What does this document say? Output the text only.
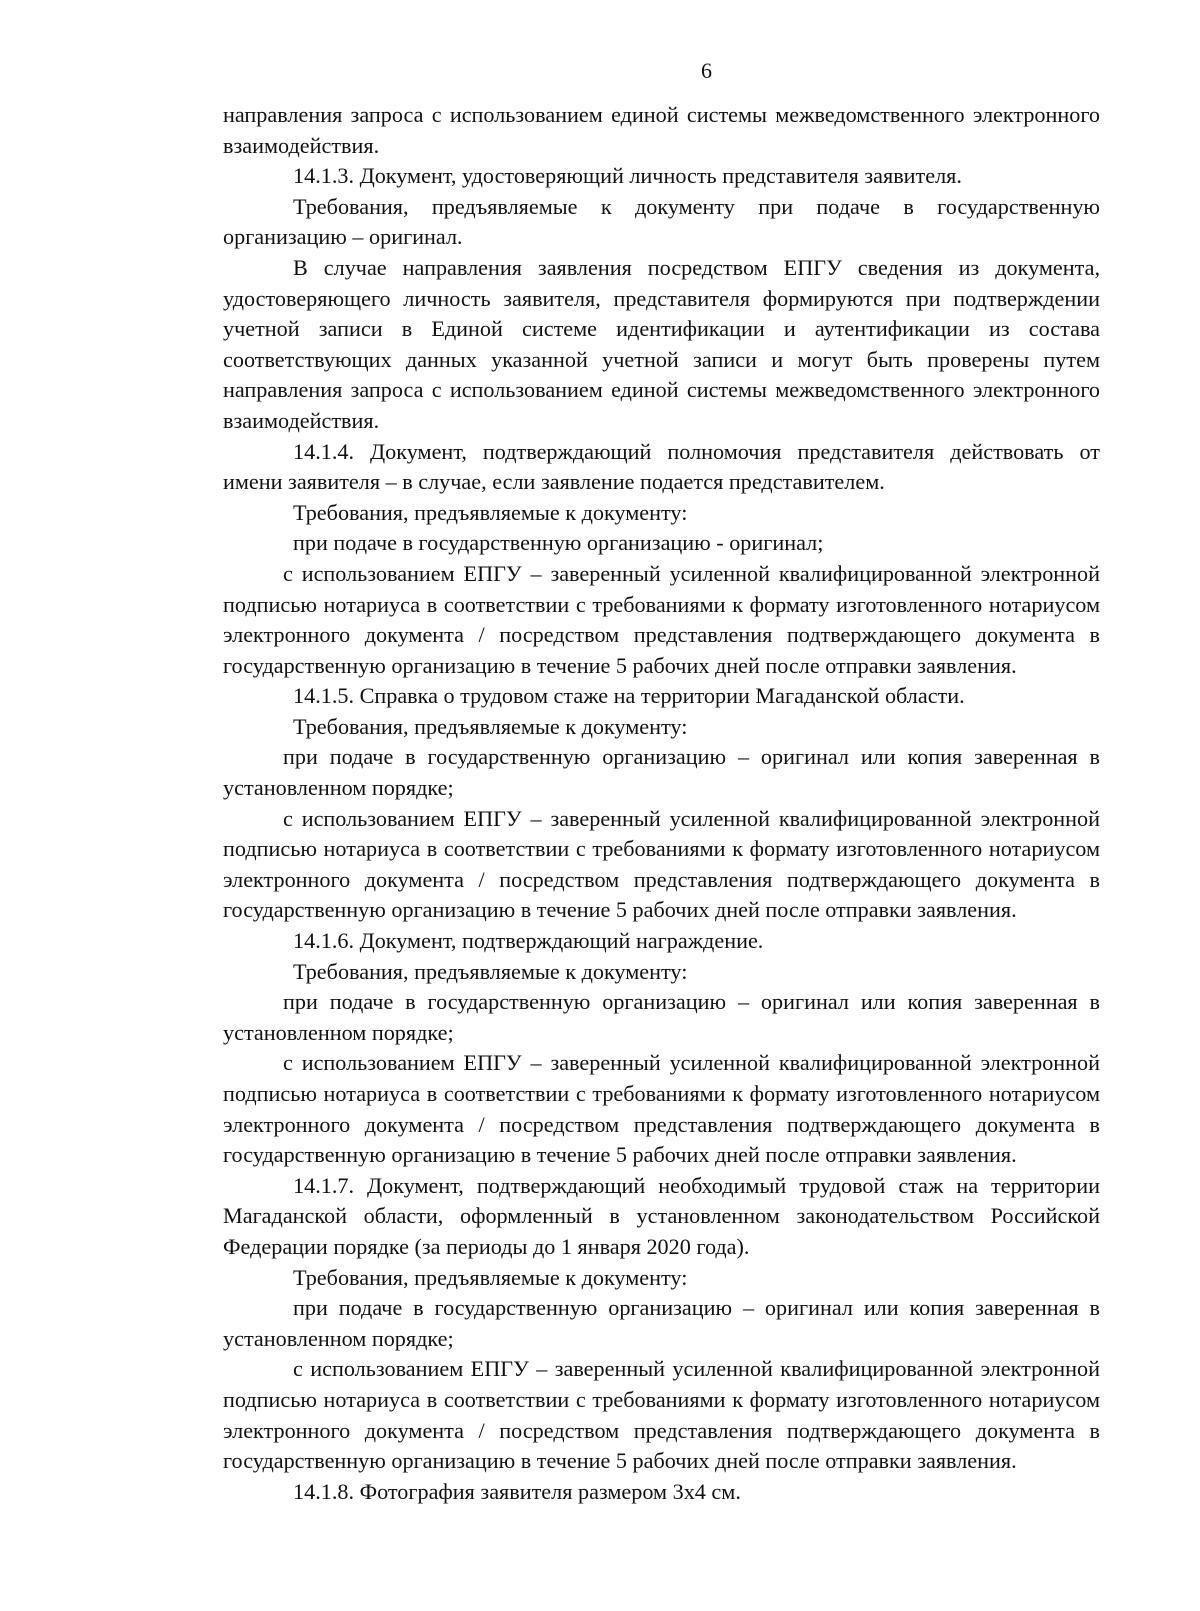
6
направления запроса с использованием единой системы межведомственного электронного
взаимодействия.
14.1.3. Документ, удостоверяющий личность представителя заявителя.
Требования, предъявляемые к документу при подаче в государственную
организацию – оригинал.
В случае направления заявления посредством ЕПГУ сведения из документа,
удостоверяющего личность заявителя, представителя формируются при подтверждении
учетной записи в Единой системе идентификации и аутентификации из состава
соответствующих данных указанной учетной записи и могут быть проверены путем
направления запроса с использованием единой системы межведомственного электронного
взаимодействия.
14.1.4. Документ, подтверждающий полномочия представителя действовать от
имени заявителя – в случае, если заявление подается представителем.
Требования, предъявляемые к документу:
при подаче в государственную организацию - оригинал;
с использованием ЕПГУ – заверенный усиленной квалифицированной электронной
подписью нотариуса в соответствии с требованиями к формату изготовленного нотариусом
электронного документа / посредством представления подтверждающего документа в
государственную организацию в течение 5 рабочих дней после отправки заявления.
14.1.5. Справка о трудовом стаже на территории Магаданской области.
Требования, предъявляемые к документу:
при подаче в государственную организацию – оригинал или копия заверенная в
установленном порядке;
с использованием ЕПГУ – заверенный усиленной квалифицированной электронной
подписью нотариуса в соответствии с требованиями к формату изготовленного нотариусом
электронного документа / посредством представления подтверждающего документа в
государственную организацию в течение 5 рабочих дней после отправки заявления.
14.1.6. Документ, подтверждающий награждение.
Требования, предъявляемые к документу:
при подаче в государственную организацию – оригинал или копия заверенная в
установленном порядке;
с использованием ЕПГУ – заверенный усиленной квалифицированной электронной
подписью нотариуса в соответствии с требованиями к формату изготовленного нотариусом
электронного документа / посредством представления подтверждающего документа в
государственную организацию в течение 5 рабочих дней после отправки заявления.
14.1.7. Документ, подтверждающий необходимый трудовой стаж на территории
Магаданской области, оформленный в установленном законодательством Российской
Федерации порядке (за периоды до 1 января 2020 года).
Требования, предъявляемые к документу:
при подаче в государственную организацию – оригинал или копия заверенная в
установленном порядке;
с использованием ЕПГУ – заверенный усиленной квалифицированной электронной
подписью нотариуса в соответствии с требованиями к формату изготовленного нотариусом
электронного документа / посредством представления подтверждающего документа в
государственную организацию в течение 5 рабочих дней после отправки заявления.
14.1.8. Фотография заявителя размером 3х4 см.
